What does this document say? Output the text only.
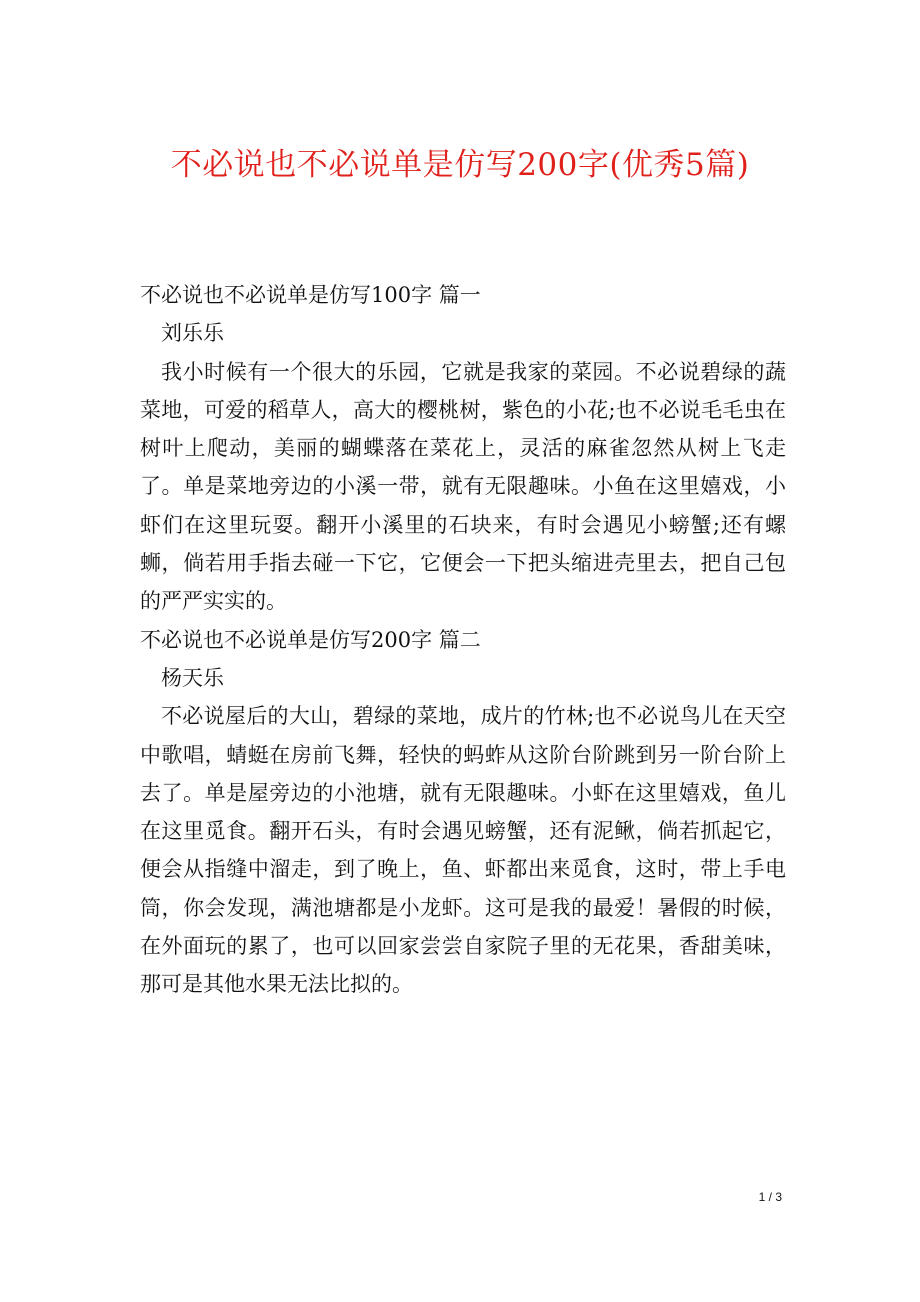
不必说也不必说单是仿写200字(优秀5篇)

不必说也不必说单是仿写100字 篇一

刘乐乐

我小时候有一个很大的乐园，它就是我家的菜园。不必说碧绿的蔬菜地，可爱的稻草人，高大的樱桃树，紫色的小花;也不必说毛毛虫在树叶上爬动，美丽的蝴蝶落在菜花上，灵活的麻雀忽然从树上飞走了。单是菜地旁边的小溪一带，就有无限趣味。小鱼在这里嬉戏，小虾们在这里玩耍。翻开小溪里的石块来，有时会遇见小螃蟹;还有螺蛳，倘若用手指去碰一下它，它便会一下把头缩进壳里去，把自己包的严严实实的。

不必说也不必说单是仿写200字 篇二

杨天乐

不必说屋后的大山，碧绿的菜地，成片的竹林;也不必说鸟儿在天空中歌唱，蜻蜓在房前飞舞，轻快的蚂蚱从这阶台阶跳到另一阶台阶上去了。单是屋旁边的小池塘，就有无限趣味。小虾在这里嬉戏，鱼儿在这里觅食。翻开石头，有时会遇见螃蟹，还有泥鳅，倘若抓起它，便会从指缝中溜走，到了晚上，鱼、虾都出来觅食，这时，带上手电筒，你会发现，满池塘都是小龙虾。这可是我的最爱！暑假的时候，在外面玩的累了，也可以回家尝尝自家院子里的无花果，香甜美味，那可是其他水果无法比拟的。

1 / 3
